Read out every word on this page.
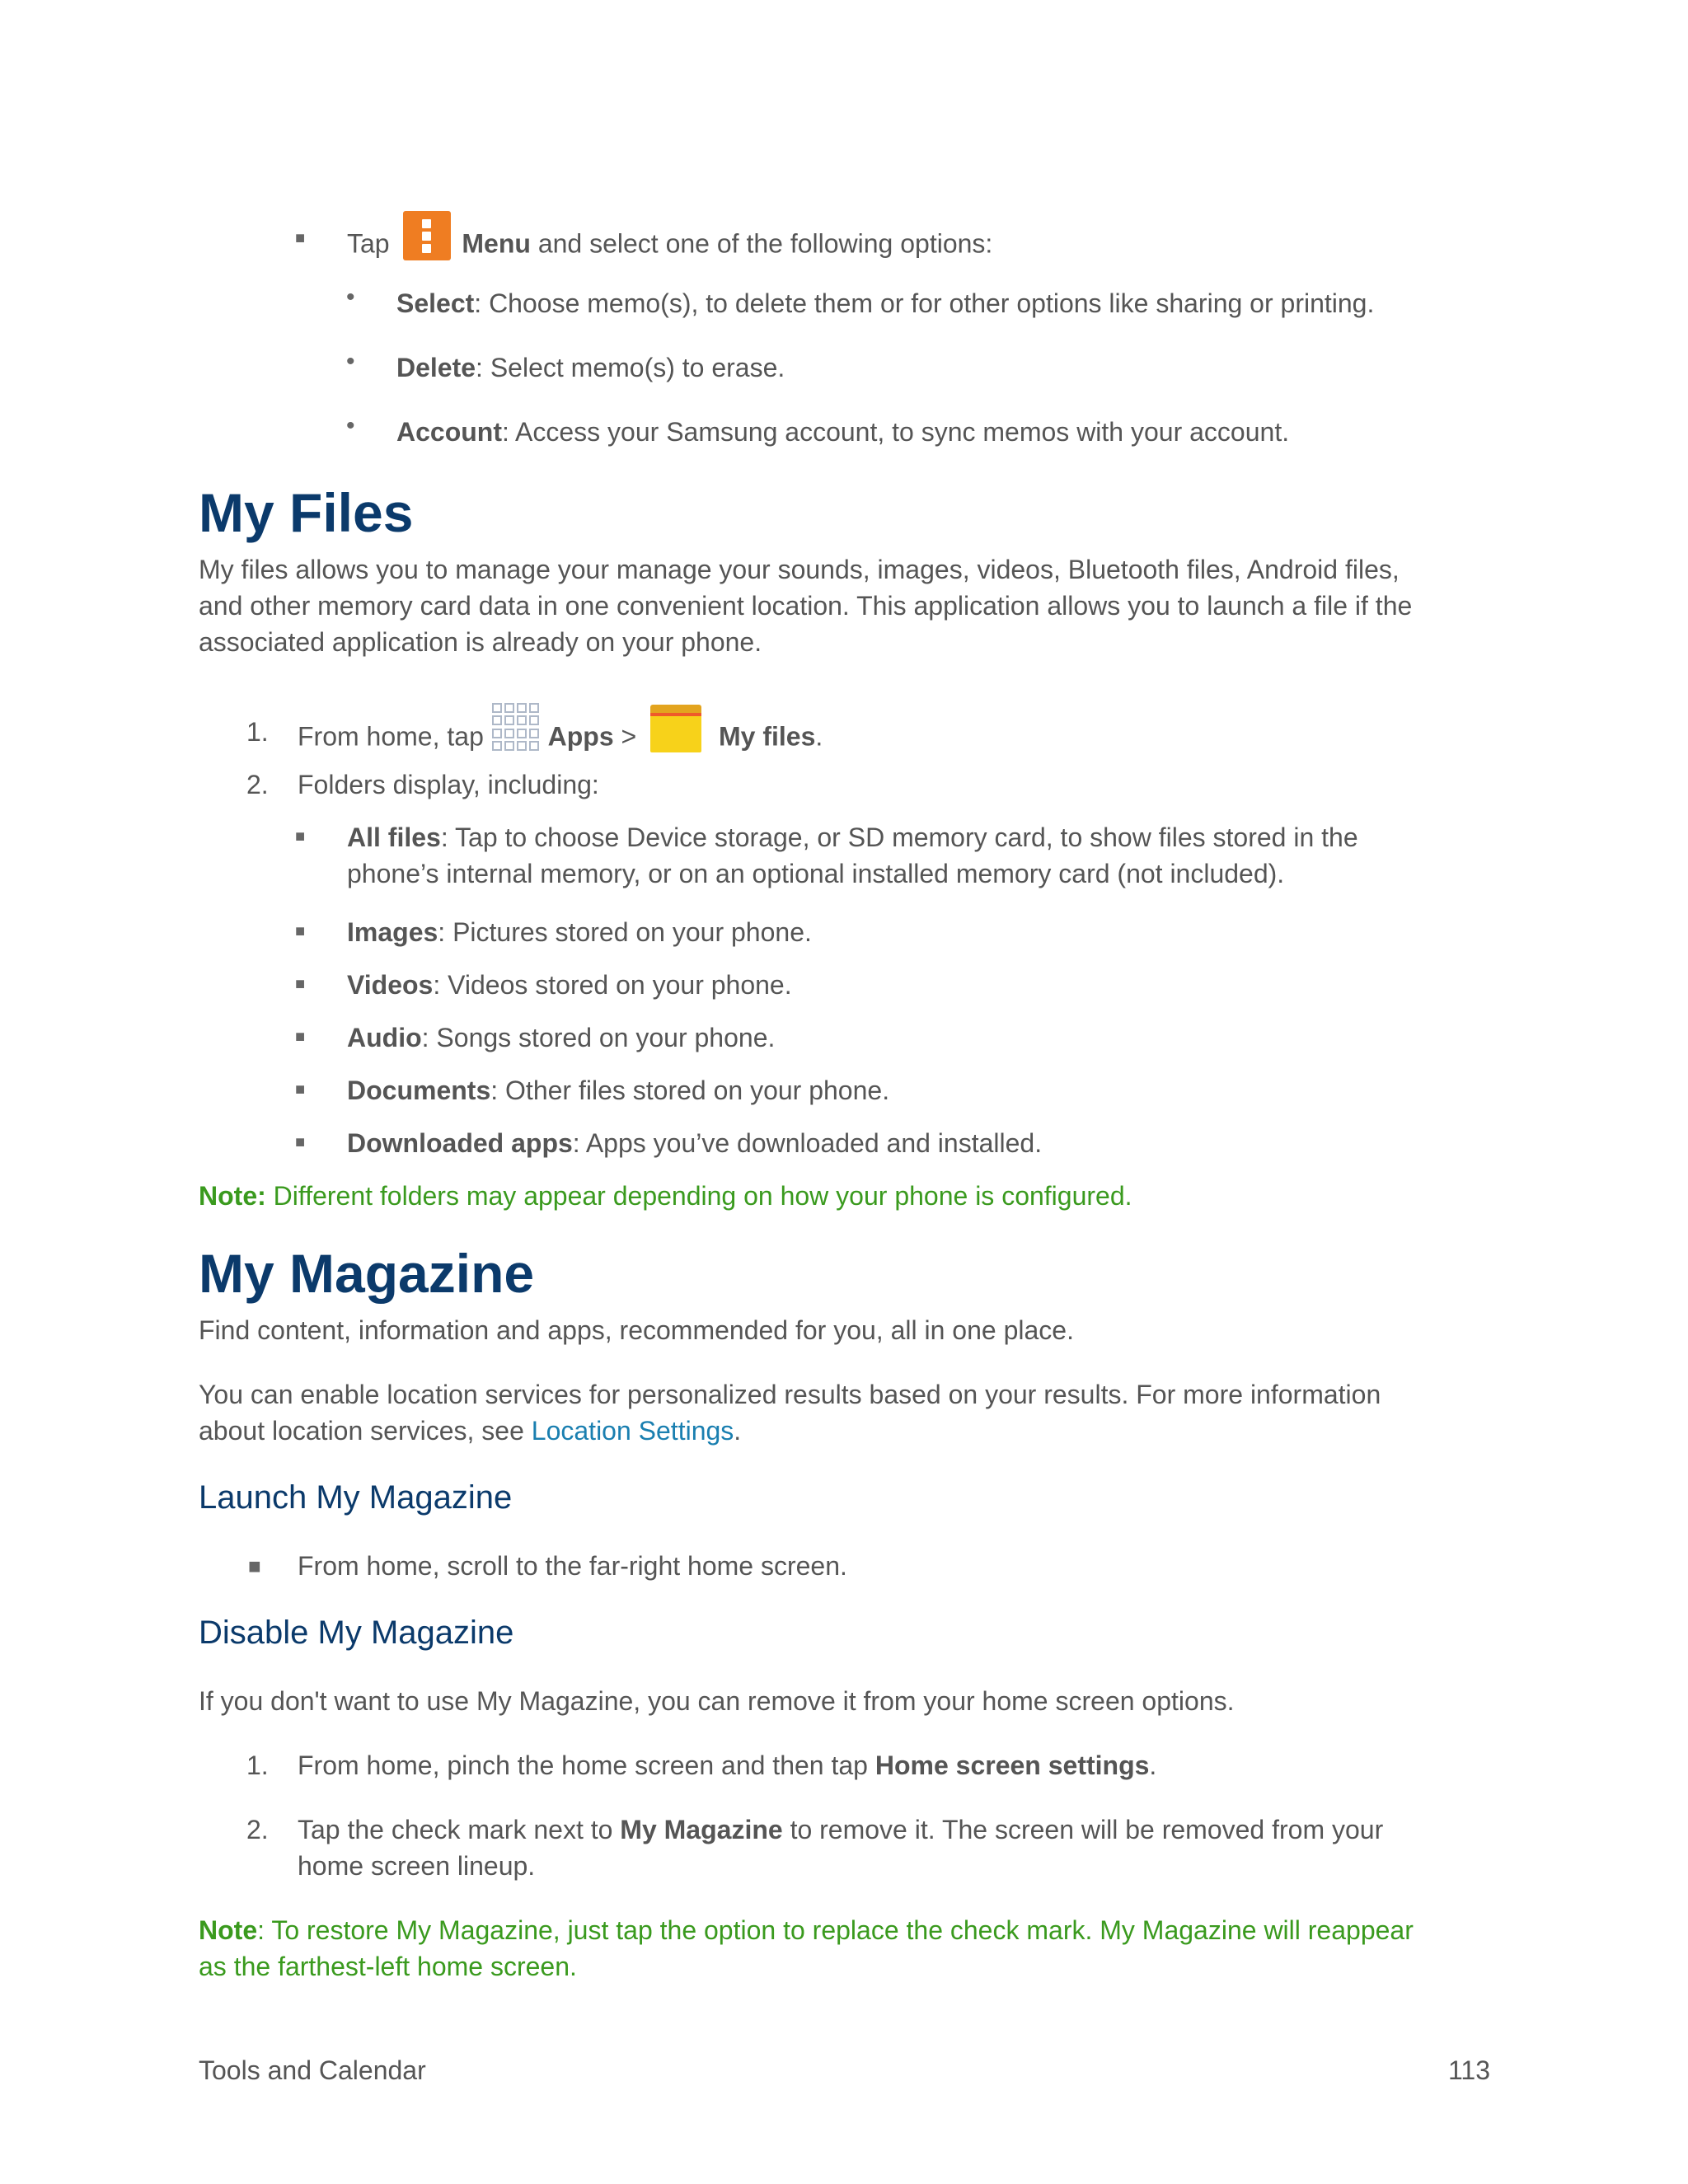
■ Tap	Menu and select one of the following options:
• Select: Choose memo(s), to delete them or for other options like sharing or printing.
• Delete: Select memo(s) to erase.
• Account: Access your Samsung account, to sync memos with your account.
My Files
My files allows you to manage your manage your sounds, images, videos, Bluetooth files, Android files,
and other memory card data in one convenient location. This application allows you to launch a file if the
associated application is already on your phone.
1. From home, tap Apps >	My files.
2. Folders display, including:
■ All files: Tap to choose Device storage, or SD memory card, to show files stored in the
phone’s internal memory, or on an optional installed memory card (not included).
■ Images: Pictures stored on your phone.
■ Videos: Videos stored on your phone.
■ Audio: Songs stored on your phone.
■ Documents: Other files stored on your phone.
■ Downloaded apps: Apps you’ve downloaded and installed.
Note: Different folders may appear depending on how your phone is configured.
My Magazine
Find content, information and apps, recommended for you, all in one place.
You can enable location services for personalized results based on your results. For more information
about location services, see Location Settings.
Launch My Magazine
■ From home, scroll to the far-right home screen.
Disable My Magazine
If you don't want to use My Magazine, you can remove it from your home screen options.
1. From home, pinch the home screen and then tap Home screen settings.
2. Tap the check mark next to My Magazine to remove it. The screen will be removed from your
home screen lineup.
Note: To restore My Magazine, just tap the option to replace the check mark. My Magazine will reappear
as the farthest-left home screen.
Tools and Calendar	113
